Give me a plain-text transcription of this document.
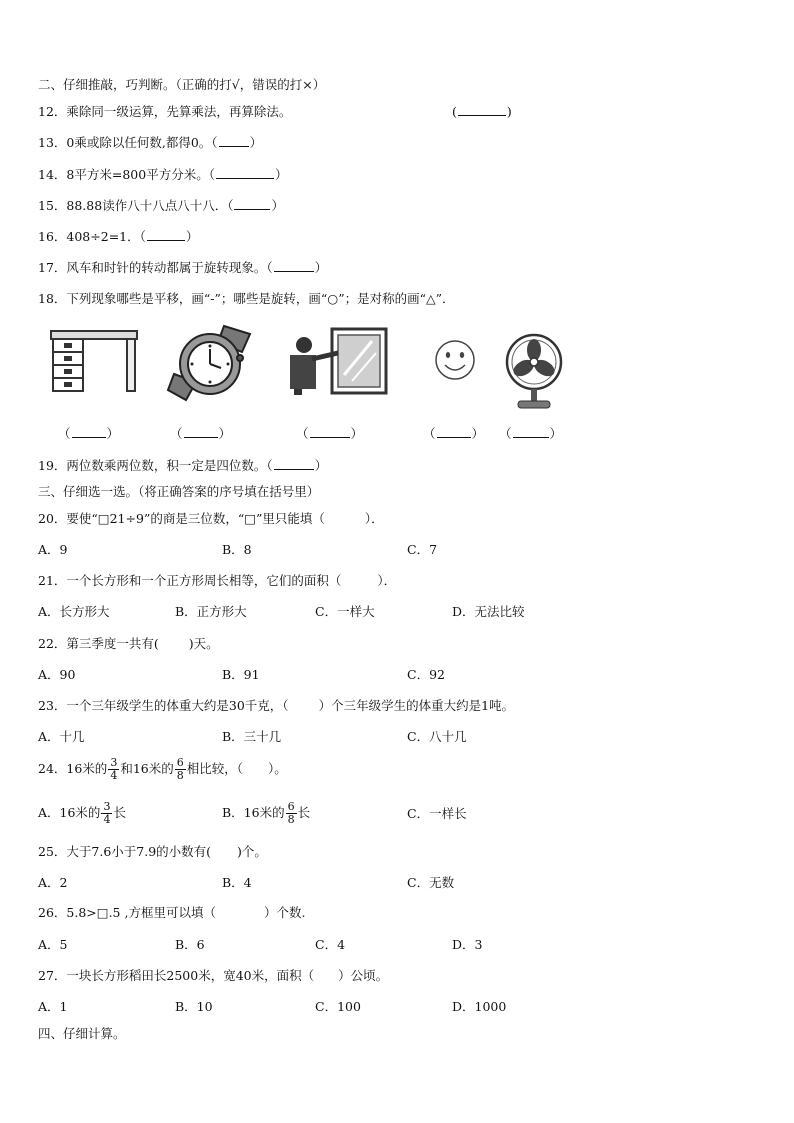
二、仔细推敲，巧判断。（正确的打√，错误的打×）
12．乘除同一级运算，先算乘法，再算除法。	(	)
13．0乘或除以任何数,都得0。（	）
14．8平方米=800平方分米。（	）
15．88.88读作八十八点八十八．（	）
16．408÷2=1．（	）
17．风车和时针的转动都属于旋转现象。（	）
18．下列现象哪些是平移，画“-”；哪些是旋转，画“○”；是对称的画“△”．
（	）	（	）	（	）	（	） （	）
19．两位数乘两位数，积一定是四位数。（	）
三、仔细选一选。（将正确答案的序号填在括号里）
20．要使“□21÷9”的商是三位数，“□”里只能填（	）．
A．9	B．8	C．7
21．一个长方形和一个正方形周长相等，它们的面积（	）．
A．长方形大	B．正方形大	C．一样大	D．无法比较
22．第三季度一共有( )天。
A．90	B．91	C．92
23．一个三年级学生的体重大约是30千克，（ ）个三年级学生的体重大约是1吨。
A．十几	B．三十几	C．八十几
24．16米的 $\frac{3}{4}$ 和16米的 $\frac{6}{8}$ 相比较，（　　）。
A．16米的 $\frac{3}{4}$ 长	B．16米的 $\frac{6}{8}$ 长	C．一样长
25．大于7.6小于7.9的小数有( )个。
A．2	B．4	C．无数
26．5.8>□.5 ,方框里可以填（	）个数.
A．5	B．6	C．4	D．3
27．一块长方形稻田长2500米，宽40米，面积（ ）公顷。
A．1	B．10	C．100	D．1000
四、仔细计算。
